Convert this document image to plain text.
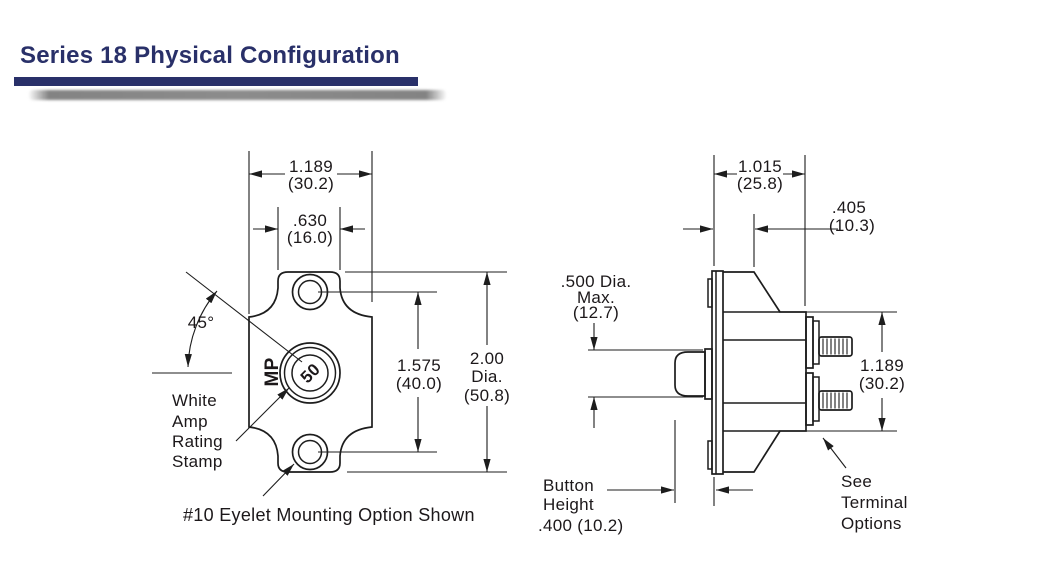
Series 18 Physical Configuration
MP 50
45°
1.189
(30.2)
.630
(16.0)
1.575
(40.0)
2.00
Dia.
(50.8)
White
Amp
Rating
Stamp
#10 Eyelet Mounting Option Shown
1.015
(25.8)
.405
(10.3)
.500 Dia.
Max.
(12.7)
Button
Height
.400 (10.2)
1.189
(30.2)
See
Terminal
Options
